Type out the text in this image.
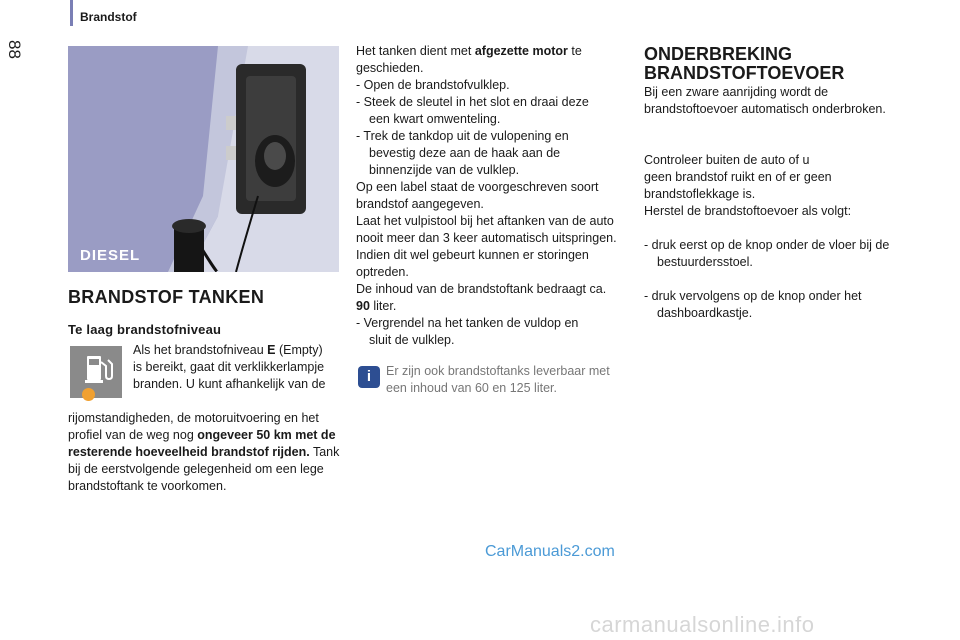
Brandstof
88
DIESEL
BRANDSTOF TANKEN
Te laag brandstofniveau

Als het brandstofniveau E (Empty) is bereikt, gaat dit verklikkerlampje branden. U kunt afhankelijk van de

rijomstandigheden, de motoruitvoering en het profiel van de weg nog ongeveer 50 km met de resterende hoeveelheid brandstof rijden. Tank bij de eerstvolgende gelegenheid om een lege brandstoftank te voorkomen.

Het tanken dient met afgezette motor te geschieden.

- Open de brandstofvulklep.

- Steek de sleutel in het slot en draai deze

een kwart omwenteling.

- Trek de tankdop uit de vulopening en

bevestig deze aan de haak aan de binnenzijde van de vulklep.

Op een label staat de voorgeschreven soort brandstof aangegeven.

Laat het vulpistool bij het aftanken van de auto nooit meer dan 3 keer automatisch uitspringen. Indien dit wel gebeurt kunnen er storingen optreden.

De inhoud van de brandstoftank bedraagt ca. 90 liter.

- Vergrendel na het tanken de vuldop en

sluit de vulklep.

i	Er zijn ook brandstoftanks leverbaar met een inhoud van 60 en 125 liter.

ONDERBREKING
BRANDSTOFTOEVOER

Bij een zware aanrijding wordt de brandstoftoevoer automatisch onderbroken.

Controleer buiten de auto of u geen brandstof ruikt en of er geen brandstoflekkage is.

Herstel de brandstoftoevoer als volgt:

- druk eerst op de knop onder de vloer bij de

bestuurdersstoel.

- druk vervolgens op de knop onder het

dashboardkastje.

CarManuals2.com
carmanualsonline.info
